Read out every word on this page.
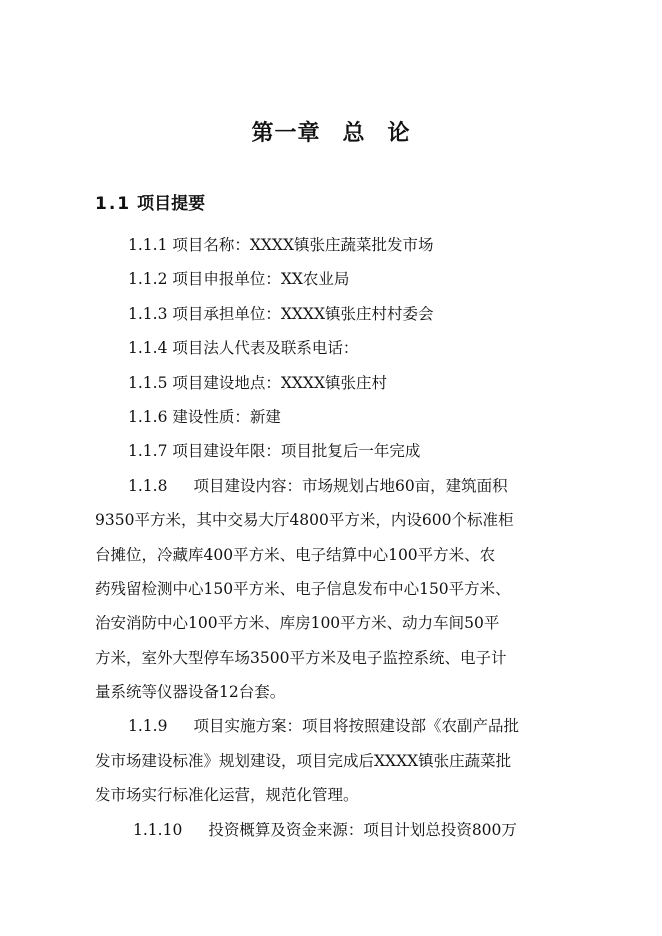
第一章 总 论
1.1 项目提要
1.1.1 项目名称：XXXX镇张庄蔬菜批发市场
1.1.2 项目申报单位：XX农业局
1.1.3 项目承担单位：XXXX镇张庄村村委会
1.1.4 项目法人代表及联系电话：
1.1.5 项目建设地点：XXXX镇张庄村
1.1.6 建设性质：新建
1.1.7 项目建设年限：项目批复后一年完成
1.1.8 项目建设内容：市场规划占地60亩，建筑面积
9350平方米，其中交易大厅4800平方米，内设600个标准柜
台摊位，冷藏库400平方米、电子结算中心100平方米、农
药残留检测中心150平方米、电子信息发布中心150平方米、
治安消防中心100平方米、库房100平方米、动力车间50平
方米，室外大型停车场3500平方米及电子监控系统、电子计
量系统等仪器设备12台套。
1.1.9 项目实施方案：项目将按照建设部《农副产品批
发市场建设标准》规划建设，项目完成后XXXX镇张庄蔬菜批
发市场实行标准化运营，规范化管理。
1.1.10 投资概算及资金来源：项目计划总投资800万
